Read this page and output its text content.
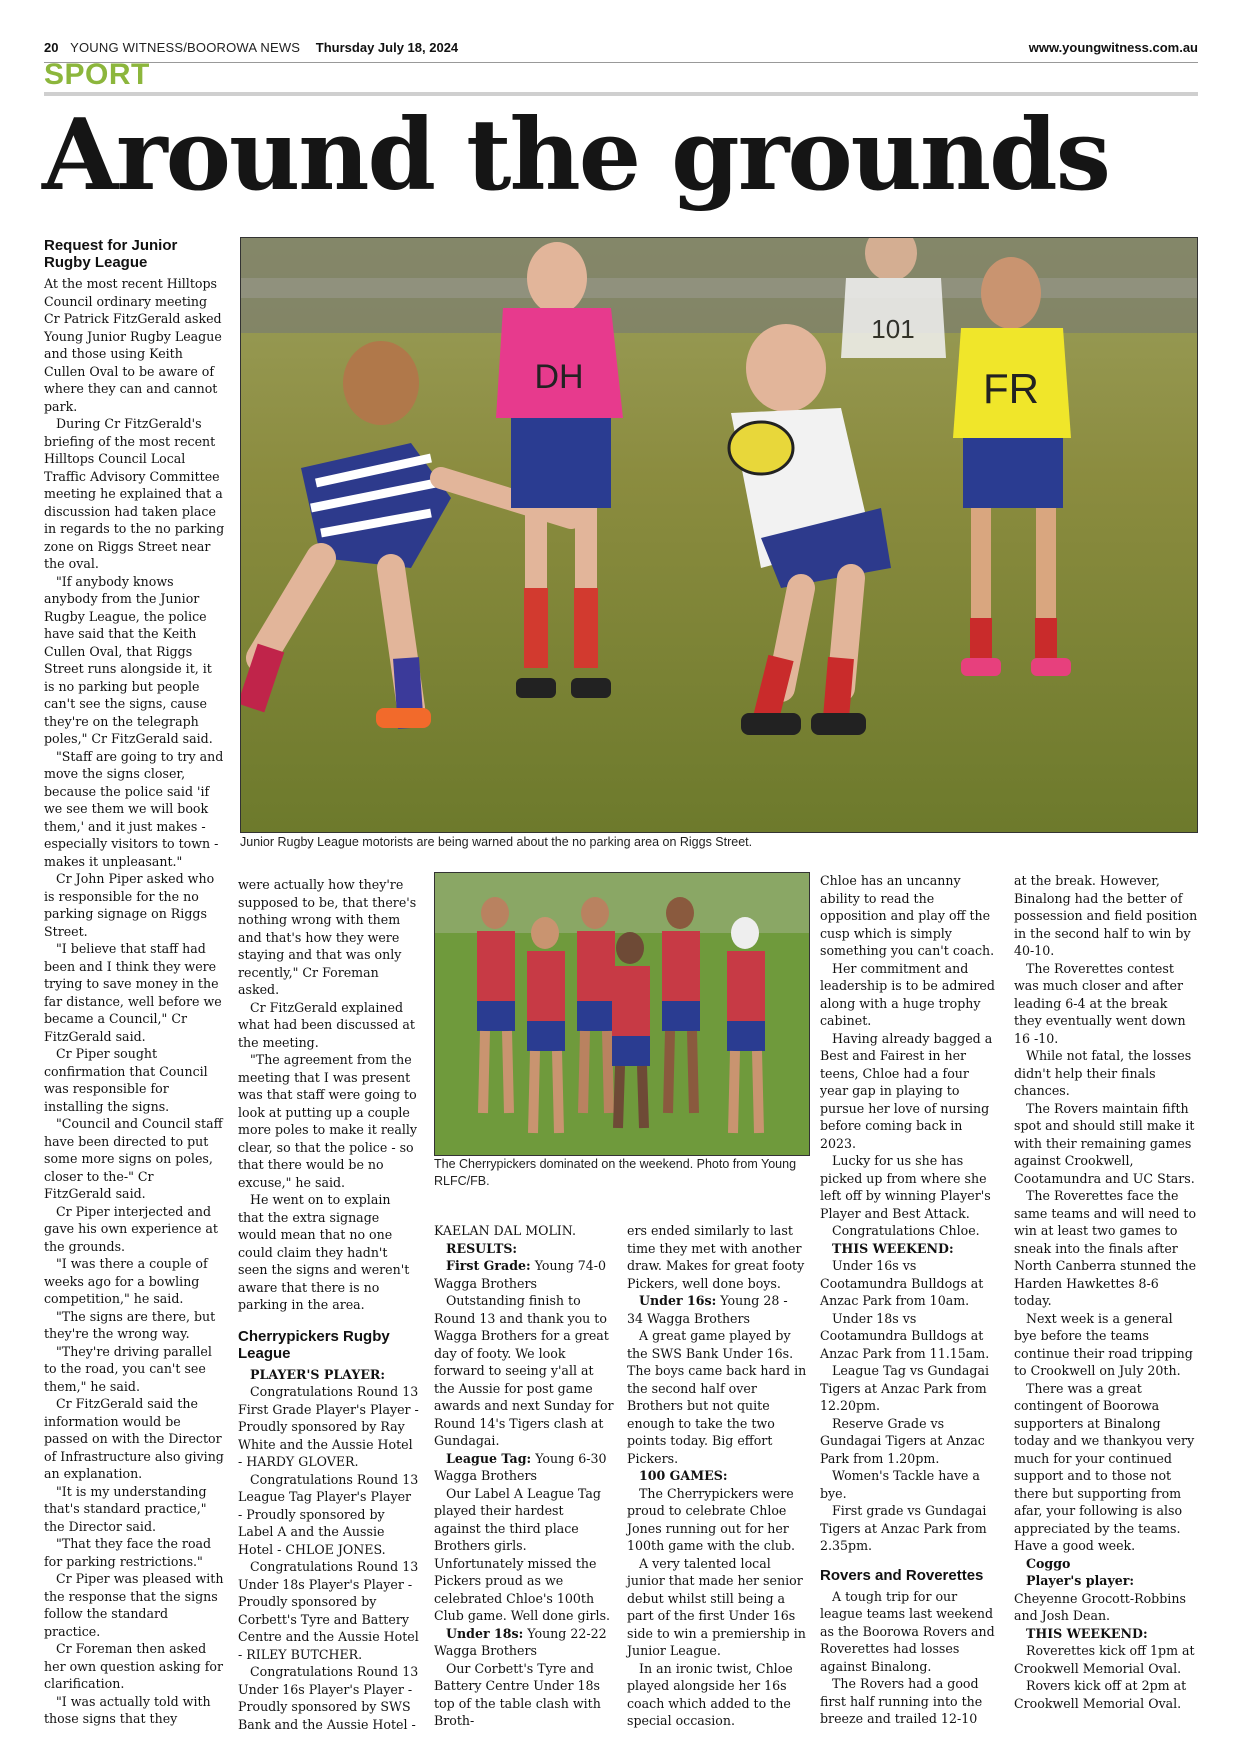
20 YOUNG WITNESS/BOOROWA NEWS Thursday July 18, 2024	www.youngwitness.com.au
SPORT
Around the grounds
DH	FR
101
Junior Rugby League motorists are being warned about the no parking area on Riggs Street.
The Cherrypickers dominated on the weekend. Photo from Young RLFC/FB.
Request for Junior Rugby League

At the most recent Hilltops Council ordinary meeting Cr Patrick FitzGerald asked Young Junior Rugby League and those using Keith Cullen Oval to be aware of where they can and cannot park.

During Cr FitzGerald's briefing of the most recent Hilltops Council Local Traffic Advisory Committee meeting he explained that a discussion had taken place in regards to the no parking zone on Riggs Street near the oval.

"If anybody knows anybody from the Junior Rugby League, the police have said that the Keith Cullen Oval, that Riggs Street runs alongside it, it is no parking but people can't see the signs, cause they're on the telegraph poles," Cr FitzGerald said.

"Staff are going to try and move the signs closer, because the police said 'if we see them we will book them,' and it just makes - especially visitors to town - makes it unpleasant."

Cr John Piper asked who is responsible for the no parking signage on Riggs Street.

"I believe that staff had been and I think they were trying to save money in the far distance, well before we became a Council," Cr FitzGerald said.

Cr Piper sought confirmation that Council was responsible for installing the signs.

"Council and Council staff have been directed to put some more signs on poles, closer to the-" Cr FitzGerald said.

Cr Piper interjected and gave his own experience at the grounds.

"I was there a couple of weeks ago for a bowling competition," he said.

"The signs are there, but they're the wrong way.

"They're driving parallel to the road, you can't see them," he said.

Cr FitzGerald said the information would be passed on with the Director of Infrastructure also giving an explanation.

"It is my understanding that's standard practice," the Director said.

"That they face the road for parking restrictions."

Cr Piper was pleased with the response that the signs follow the standard practice.

Cr Foreman then asked her own question asking for clarification.

"I was actually told with those signs that they

were actually how they're supposed to be, that there's nothing wrong with them and that's how they were staying and that was only recently," Cr Foreman asked.

Cr FitzGerald explained what had been discussed at the meeting.

"The agreement from the meeting that I was present was that staff were going to look at putting up a couple more poles to make it really clear, so that the police - so that there would be no excuse," he said.

He went on to explain that the extra signage would mean that no one could claim they hadn't seen the signs and weren't aware that there is no parking in the area.

Cherrypickers Rugby League

PLAYER'S PLAYER:

Congratulations Round 13 First Grade Player's Player - Proudly sponsored by Ray White and the Aussie Hotel - HARDY GLOVER.

Congratulations Round 13 League Tag Player's Player - Proudly sponsored by Label A and the Aussie Hotel - CHLOE JONES.

Congratulations Round 13 Under 18s Player's Player - Proudly sponsored by Corbett's Tyre and Battery Centre and the Aussie Hotel - RILEY BUTCHER.

Congratulations Round 13 Under 16s Player's Player - Proudly sponsored by SWS Bank and the Aussie Hotel -

KAELAN DAL MOLIN.

RESULTS:

First Grade: Young 74-0 Wagga Brothers

Outstanding finish to Round 13 and thank you to Wagga Brothers for a great day of footy. We look forward to seeing y'all at the Aussie for post game awards and next Sunday for Round 14's Tigers clash at Gundagai.

League Tag: Young 6-30 Wagga Brothers

Our Label A League Tag played their hardest against the third place Brothers girls. Unfortunately missed the Pickers proud as we celebrated Chloe's 100th Club game. Well done girls.

Under 18s: Young 22-22 Wagga Brothers

Our Corbett's Tyre and Battery Centre Under 18s top of the table clash with Broth-

ers ended similarly to last time they met with another draw. Makes for great footy Pickers, well done boys.

Under 16s: Young 28 - 34 Wagga Brothers

A great game played by the SWS Bank Under 16s. The boys came back hard in the second half over Brothers but not quite enough to take the two points today. Big effort Pickers.

100 GAMES:

The Cherrypickers were proud to celebrate Chloe Jones running out for her 100th game with the club.

A very talented local junior that made her senior debut whilst still being a part of the first Under 16s side to win a premiership in Junior League.

In an ironic twist, Chloe played alongside her 16s coach which added to the special occasion.

Chloe has an uncanny ability to read the opposition and play off the cusp which is simply something you can't coach.

Her commitment and leadership is to be admired along with a huge trophy cabinet.

Having already bagged a Best and Fairest in her teens, Chloe had a four year gap in playing to pursue her love of nursing before coming back in 2023.

Lucky for us she has picked up from where she left off by winning Player's Player and Best Attack.

Congratulations Chloe.

THIS WEEKEND:

Under 16s vs Cootamundra Bulldogs at Anzac Park from 10am.

Under 18s vs Cootamundra Bulldogs at Anzac Park from 11.15am.

League Tag vs Gundagai Tigers at Anzac Park from 12.20pm.

Reserve Grade vs Gundagai Tigers at Anzac Park from 1.20pm.

Women's Tackle have a bye.

First grade vs Gundagai Tigers at Anzac Park from 2.35pm.

Rovers and Roverettes

A tough trip for our league teams last weekend as the Boorowa Rovers and Roverettes had losses against Binalong.

The Rovers had a good first half running into the breeze and trailed 12-10

at the break. However, Binalong had the better of possession and field position in the second half to win by 40-10.

The Roverettes contest was much closer and after leading 6-4 at the break they eventually went down 16 -10.

While not fatal, the losses didn't help their finals chances.

The Rovers maintain fifth spot and should still make it with their remaining games against Crookwell, Cootamundra and UC Stars.

The Roverettes face the same teams and will need to win at least two games to sneak into the finals after North Canberra stunned the Harden Hawkettes 8-6 today.

Next week is a general bye before the teams continue their road tripping to Crookwell on July 20th.

There was a great contingent of Boorowa supporters at Binalong today and we thankyou very much for your continued support and to those not there but supporting from afar, your following is also appreciated by the teams. Have a good week.

Coggo

Player's player: Cheyenne Grocott-Robbins and Josh Dean.

THIS WEEKEND:

Roverettes kick off 1pm at Crookwell Memorial Oval.

Rovers kick off at 2pm at Crookwell Memorial Oval.
